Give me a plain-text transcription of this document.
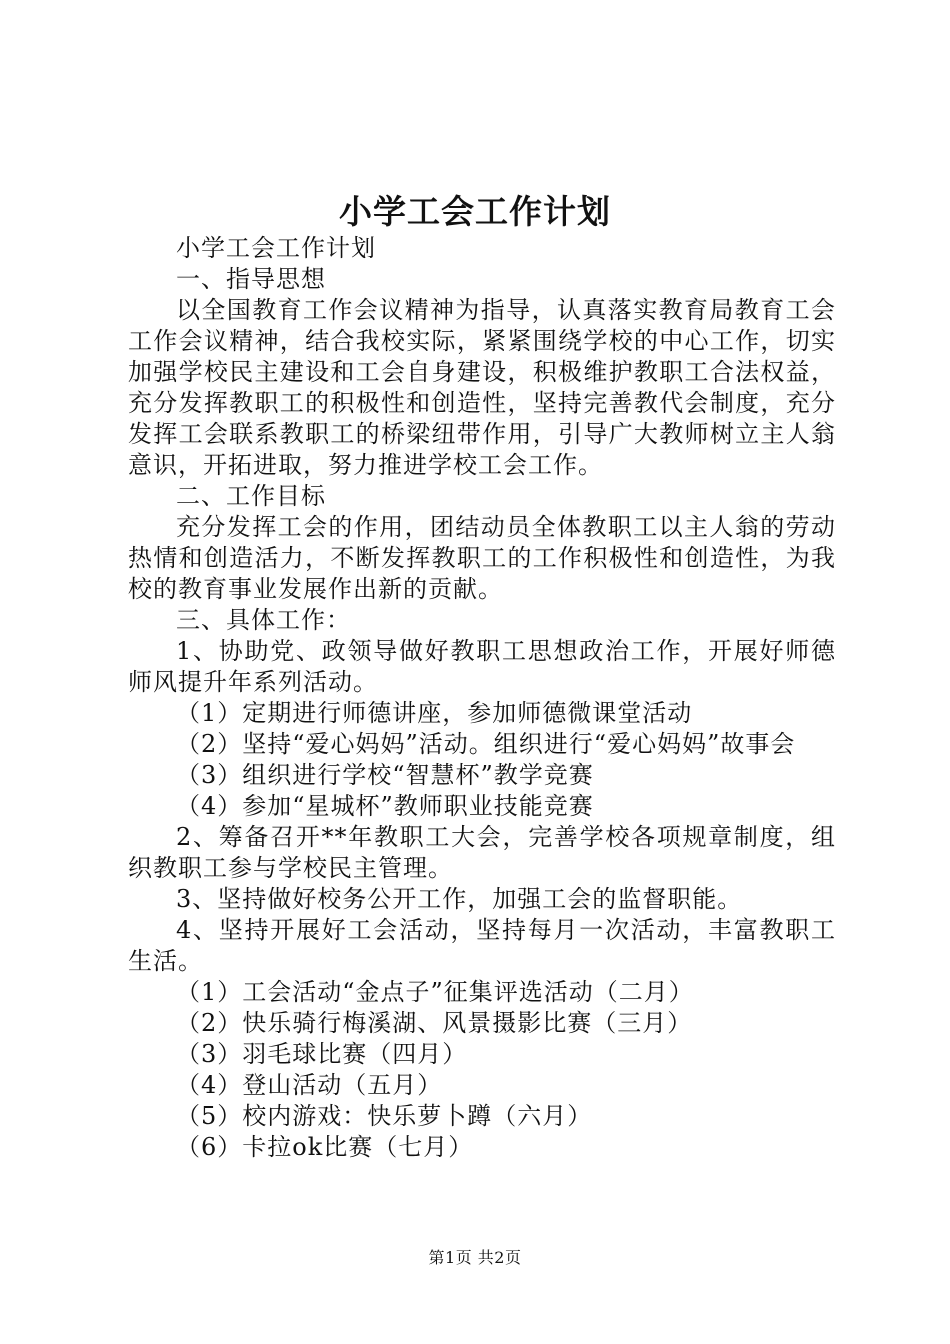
小学工会工作计划

小学工会工作计划

一、指导思想

以全国教育工作会议精神为指导，认真落实教育局教育工会工作会议精神，结合我校实际，紧紧围绕学校的中心工作，切实加强学校民主建设和工会自身建设，积极维护教职工合法权益，充分发挥教职工的积极性和创造性，坚持完善教代会制度，充分发挥工会联系教职工的桥梁纽带作用，引导广大教师树立主人翁意识，开拓进取，努力推进学校工会工作。

二、工作目标

充分发挥工会的作用，团结动员全体教职工以主人翁的劳动热情和创造活力，不断发挥教职工的工作积极性和创造性，为我校的教育事业发展作出新的贡献。

三、具体工作：

1、协助党、政领导做好教职工思想政治工作，开展好师德师风提升年系列活动。

（1）定期进行师德讲座，参加师德微课堂活动

（2）坚持“爱心妈妈”活动。组织进行“爱心妈妈”故事会

（3）组织进行学校“智慧杯”教学竞赛

（4）参加“星城杯”教师职业技能竞赛

2、筹备召开**年教职工大会，完善学校各项规章制度，组织教职工参与学校民主管理。

3、坚持做好校务公开工作，加强工会的监督职能。

4、坚持开展好工会活动，坚持每月一次活动，丰富教职工生活。

（1）工会活动“金点子”征集评选活动（二月）

（2）快乐骑行梅溪湖、风景摄影比赛（三月）

（3）羽毛球比赛（四月）

（4）登山活动（五月）

（5）校内游戏：快乐萝卜蹲（六月）

（6）卡拉ok比赛（七月）

第1页 共2页
